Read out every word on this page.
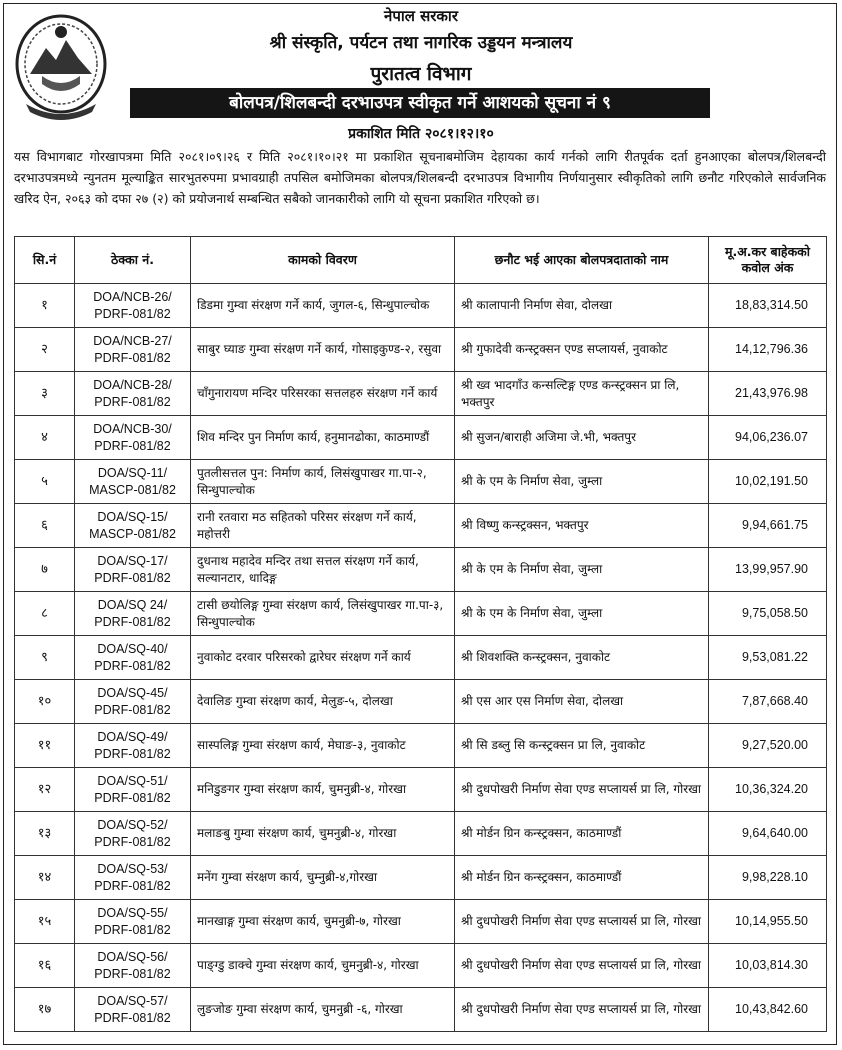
नेपाल सरकार
श्री संस्कृति, पर्यटन तथा नागरिक उड्डयन मन्त्रालय
पुरातत्व विभाग
बोलपत्र/शिलबन्दी दरभाउपत्र स्वीकृत गर्ने आशयको सूचना नं ९
प्रकाशित मिति २०८१।१२।१०

यस विभागबाट गोरखापत्रमा मिति २०८१।०९।२६ र मिति २०८१।१०।२१ मा प्रकाशित सूचनाबमोजिम देहायका कार्य गर्नको लागि रीतपूर्वक दर्ता हुनआएका बोलपत्र/शिलबन्दी दरभाउपत्रमध्ये न्युनतम मूल्याङ्कित सारभुतरुपमा प्रभावग्राही तपसिल बमोजिमका बोलपत्र/शिलबन्दी दरभाउपत्र विभागीय निर्णयानुसार स्वीकृतिको लागि छनौट गरिएकोले सार्वजनिक खरिद ऐन, २०६३ को दफा २७ (२) को प्रयोजनार्थ सम्बन्धित सबैको जानकारीको लागि यो सूचना प्रकाशित गरिएको छ।

सि.नं	ठेक्का नं.	कामको विवरण	छनौट भई आएका बोलपत्रदाताको नाम	मू.अ.कर बाहेकको कवोल अंक
१	DOA/NCB-26/ PDRF-081/82	डिडमा गुम्वा संरक्षण गर्ने कार्य, जुगल-६, सिन्धुपाल्चोक	श्री कालापानी निर्माण सेवा, दोलखा	18,83,314.50
२	DOA/NCB-27/ PDRF-081/82	साबुर घ्याङ गुम्वा संरक्षण गर्ने कार्य, गोसाइकुण्ड-२, रसुवा	श्री गुफादेवी कन्स्ट्रक्सन एण्ड सप्लायर्स, नुवाकोट	14,12,796.36
३	DOA/NCB-28/ PDRF-081/82	चाँगुनारायण मन्दिर परिसरका सत्तलहरु संरक्षण गर्ने कार्य	श्री ख्व भादगाँउ कन्सल्टिङ्ग एण्ड कन्स्ट्रक्सन प्रा लि, भक्तपुर	21,43,976.98
४	DOA/NCB-30/ PDRF-081/82	शिव मन्दिर पुन निर्माण कार्य, हनुमानढोका, काठमाण्डौं	श्री सुजन/बाराही अजिमा जे.भी, भक्तपुर	94,06,236.07
५	DOA/SQ-11/ MASCP-081/82	पुतलीसत्तल पुन: निर्माण कार्य, लिसंखुपाखर गा.पा-२, सिन्धुपाल्चोक	श्री के एम के निर्माण सेवा, जुम्ला	10,02,191.50
६	DOA/SQ-15/ MASCP-081/82	रानी रतवारा मठ सहितको परिसर संरक्षण गर्ने कार्य, महोत्तरी	श्री विष्णु कन्स्ट्रक्सन, भक्तपुर	9,94,661.75
७	DOA/SQ-17/ PDRF-081/82	दुधनाथ महादेव मन्दिर तथा सत्तल संरक्षण गर्ने कार्य, सल्यानटार, धादिङ्ग	श्री के एम के निर्माण सेवा, जुम्ला	13,99,957.90
८	DOA/SQ 24/ PDRF-081/82	टासी छयोलिङ्ग गुम्वा संरक्षण कार्य, लिसंखुपाखर गा.पा-३, सिन्धुपाल्चोक	श्री के एम के निर्माण सेवा, जुम्ला	9,75,058.50
९	DOA/SQ-40/ PDRF-081/82	नुवाकोट दरवार परिसरको द्वारेघर संरक्षण गर्ने कार्य	श्री शिवशक्ति कन्स्ट्रक्सन, नुवाकोट	9,53,081.22
१०	DOA/SQ-45/ PDRF-081/82	देवालिङ गुम्वा संरक्षण कार्य, मेलुङ-५, दोलखा	श्री एस आर एस निर्माण सेवा, दोलखा	7,87,668.40
११	DOA/SQ-49/ PDRF-081/82	सास्पलिङ्ग गुम्वा संरक्षण कार्य, मेघाङ-३, नुवाकोट	श्री सि डब्लु सि कन्स्ट्रक्सन प्रा लि, नुवाकोट	9,27,520.00
१२	DOA/SQ-51/ PDRF-081/82	मनिडुङगर गुम्वा संरक्षण कार्य, चुमनुब्री-४, गोरखा	श्री दुधपोखरी निर्माण सेवा एण्ड सप्लायर्स प्रा लि, गोरखा	10,36,324.20
१३	DOA/SQ-52/ PDRF-081/82	मलाङबु गुम्वा संरक्षण कार्य, चुमनुब्री-४, गोरखा	श्री मोर्डन ग्रिन कन्स्ट्रक्सन, काठमाण्डौं	9,64,640.00
१४	DOA/SQ-53/ PDRF-081/82	मनेंग गुम्वा संरक्षण कार्य, चुम्नुब्री-४,गोरखा	श्री मोर्डन ग्रिन कन्स्ट्रक्सन, काठमाण्डौं	9,98,228.10
१५	DOA/SQ-55/ PDRF-081/82	मानखाङ्ग गुम्वा संरक्षण कार्य, चुमनुब्री-७, गोरखा	श्री दुधपोखरी निर्माण सेवा एण्ड सप्लायर्स प्रा लि, गोरखा	10,14,955.50
१६	DOA/SQ-56/ PDRF-081/82	पाङ्ग्डु डाक्चे गुम्वा संरक्षण कार्य, चुमनुब्री-४, गोरखा	श्री दुधपोखरी निर्माण सेवा एण्ड सप्लायर्स प्रा लि, गोरखा	10,03,814.30
१७	DOA/SQ-57/ PDRF-081/82	लुङजोङ गुम्वा संरक्षण कार्य, चुमनुब्री -६, गोरखा	श्री दुधपोखरी निर्माण सेवा एण्ड सप्लायर्स प्रा लि, गोरखा	10,43,842.60
